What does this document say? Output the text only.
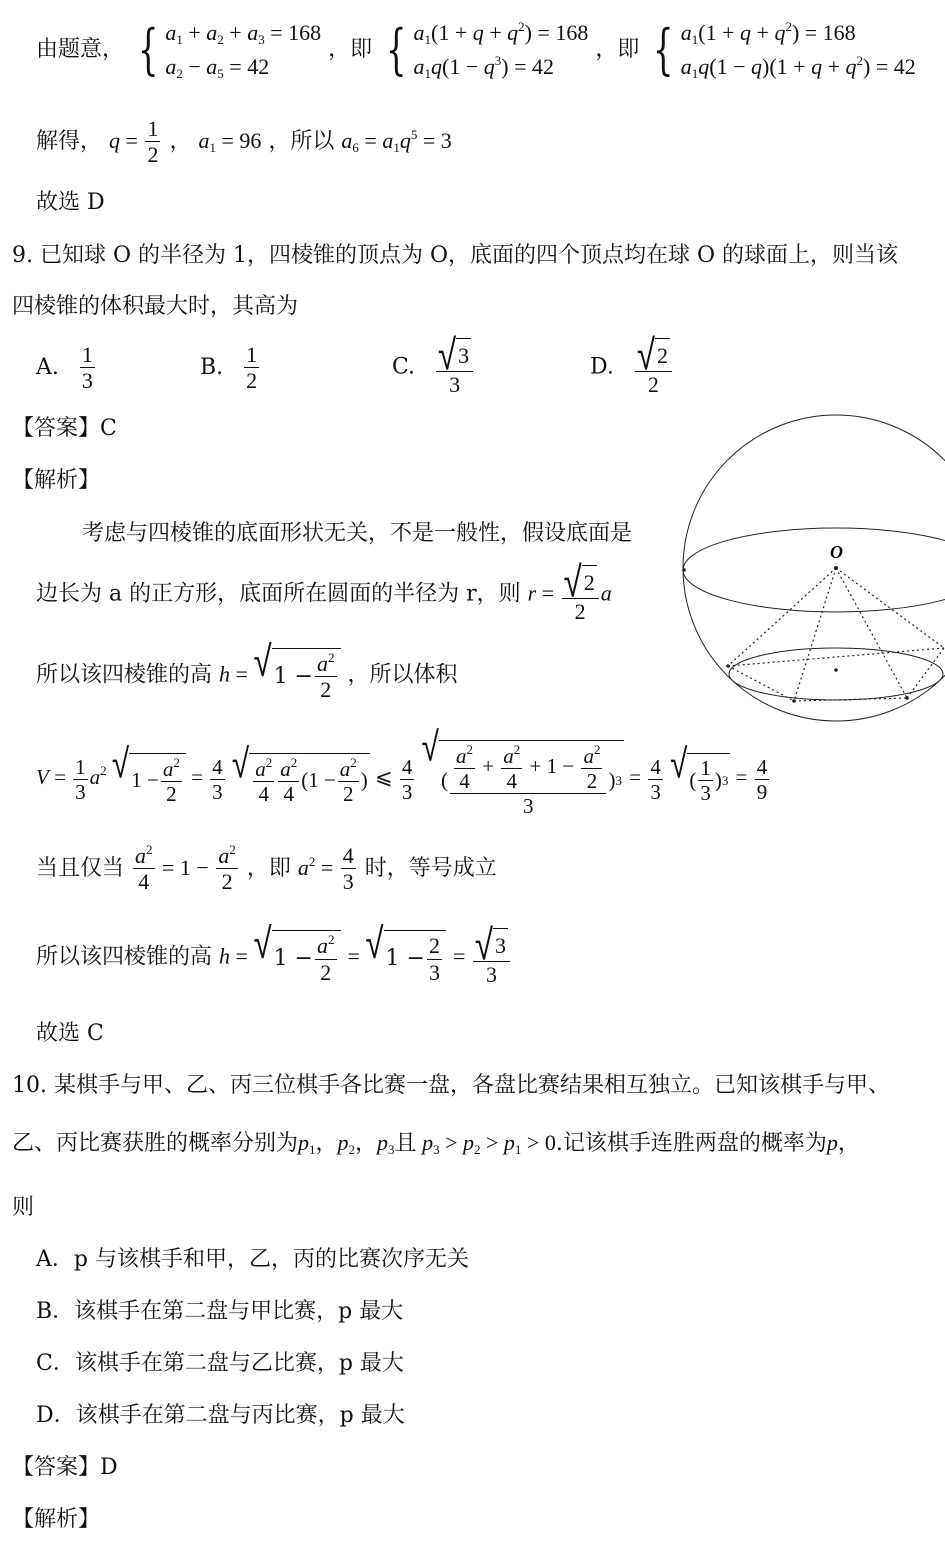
由题意， { $a_1 + a_2 + a_3 = 168$
$a_2 - a_5 = 42$
，即 { $a_1(1 + q + q^2) = 168$
$a_1q(1 - q^3) = 42$
，即 { $a_1(1 + q + q^2) = 168$
$a_1q(1 - q)(1 + q + q^2) = 42$
解得， $q = \frac{1}{2}$ ， $a_1 = 96$ ，所以 $a_6 = a_1q^5 = 3$
故选 D
9. 已知球 O 的半径为 1，四棱锥的顶点为 O，底面的四个顶点均在球 O 的球面上，则当该
四棱锥的体积最大时，其高为
A. $\frac{1}{3}$	B. $\frac{1}{2}$	C. $\frac{√ 3}{3}$	D. $\frac{√ 2}{2}$
【答案】C
【解析】
考虑与四棱锥的底面形状无关，不是一般性，假设底面是
边长为 a 的正方形，底面所在圆面的半径为 r，则 $r = \frac{√ 2}{2}$ a
所以该四棱锥的高 h = √ $1 - \frac{a^2}{2}$ ，所以体积
$V = \frac{1}{3} a^2$ √ $1 - \frac{a^2}{2} = \frac{4}{3}$
√ $\frac{a^2}{4} \frac{a^2}{4} (1 - \frac{a^2}{2}$ ) ⩽ $\frac{4}{3}$

√
( $\frac{\frac{a^2}{4} + \frac{a^2}{4} + 1 - \frac{a^2}{2}}{3}$ ) $3 = \frac{4}{3}$
√ ( $\frac{1}{3}$ ) $3 = \frac{4}{9}$
当且仅当 $\frac{a^2}{4} = 1 - \frac{a^2}{2}$ ，即 $a^2 = \frac{4}{3}$ 时，等号成立
所以该四棱锥的高 h = √ $1 - \frac{a^2}{2}$ = √ $1 - \frac{2}{3} = \frac{√ 3}{3}$
故选 C
O
10. 某棋手与甲、乙、丙三位棋手各比赛一盘，各盘比赛结果相互独立。已知该棋手与甲、
乙、丙比赛获胜的概率分别为$p_1$，$p_2$，$p_3$且 $p_3 > p_2 > p_1 > 0$.记该棋手连胜两盘的概率为p，
则
A．p 与该棋手和甲，乙，丙的比赛次序无关
B．该棋手在第二盘与甲比赛，p 最大
C．该棋手在第二盘与乙比赛，p 最大
D．该棋手在第二盘与丙比赛，p 最大
【答案】D
【解析】
